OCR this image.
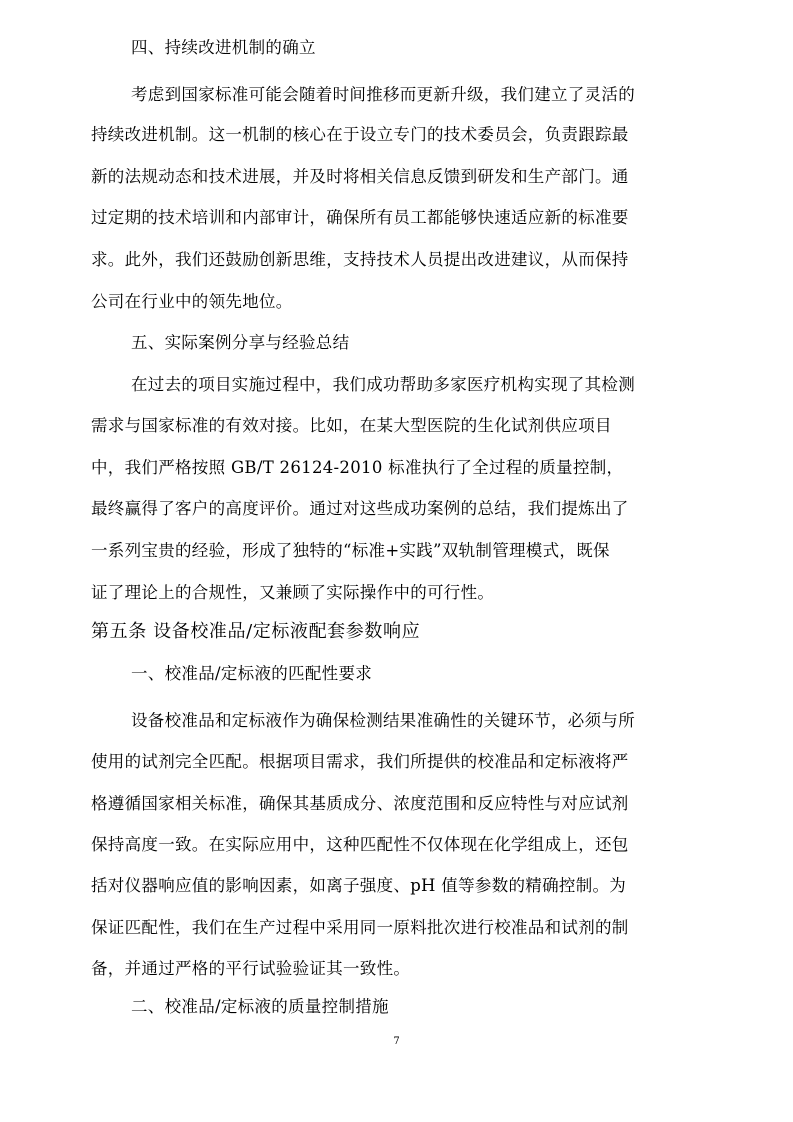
四、持续改进机制的确立
考虑到国家标准可能会随着时间推移而更新升级，我们建立了灵活的
持续改进机制。这一机制的核心在于设立专门的技术委员会，负责跟踪最
新的法规动态和技术进展，并及时将相关信息反馈到研发和生产部门。通
过定期的技术培训和内部审计，确保所有员工都能够快速适应新的标准要
求。此外，我们还鼓励创新思维，支持技术人员提出改进建议，从而保持
公司在行业中的领先地位。
五、实际案例分享与经验总结
在过去的项目实施过程中，我们成功帮助多家医疗机构实现了其检测
需求与国家标准的有效对接。比如，在某大型医院的生化试剂供应项目
中，我们严格按照 GB/T 26124-2010 标准执行了全过程的质量控制，
最终赢得了客户的高度评价。通过对这些成功案例的总结，我们提炼出了
一系列宝贵的经验，形成了独特的“标准+实践”双轨制管理模式，既保
证了理论上的合规性，又兼顾了实际操作中的可行性。
第五条 设备校准品/定标液配套参数响应
一、校准品/定标液的匹配性要求
设备校准品和定标液作为确保检测结果准确性的关键环节，必须与所
使用的试剂完全匹配。根据项目需求，我们所提供的校准品和定标液将严
格遵循国家相关标准，确保其基质成分、浓度范围和反应特性与对应试剂
保持高度一致。在实际应用中，这种匹配性不仅体现在化学组成上，还包
括对仪器响应值的影响因素，如离子强度、pH 值等参数的精确控制。为
保证匹配性，我们在生产过程中采用同一原料批次进行校准品和试剂的制
备，并通过严格的平行试验验证其一致性。
二、校准品/定标液的质量控制措施
7
